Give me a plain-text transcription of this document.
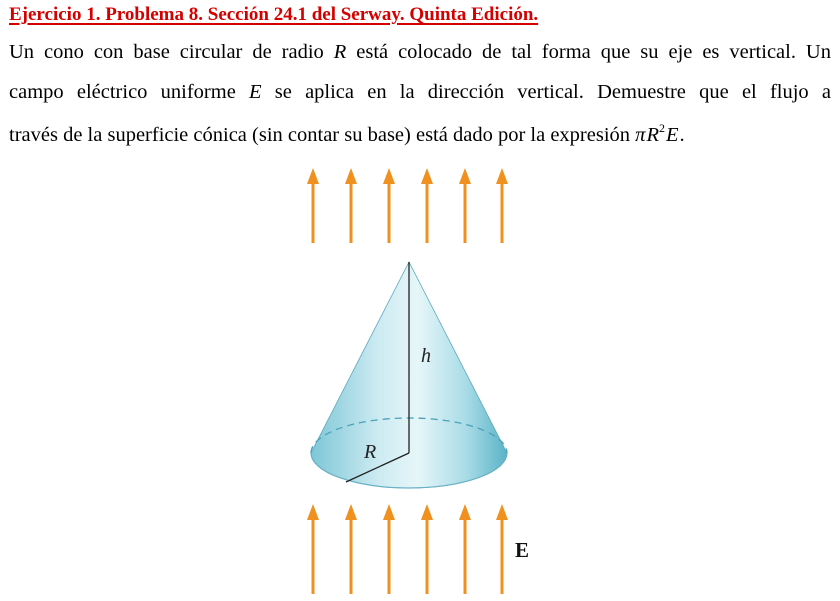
Ejercicio 1. Problema 8. Sección 24.1 del Serway. Quinta Edición.
Un cono con base circular de radio R está colocado de tal forma que su eje es vertical. Un
campo eléctrico uniforme E se aplica en la dirección vertical. Demuestre que el flujo a
través de la superficie cónica (sin contar su base) está dado por la expresión $\pi R^2E$.
h
R
E
